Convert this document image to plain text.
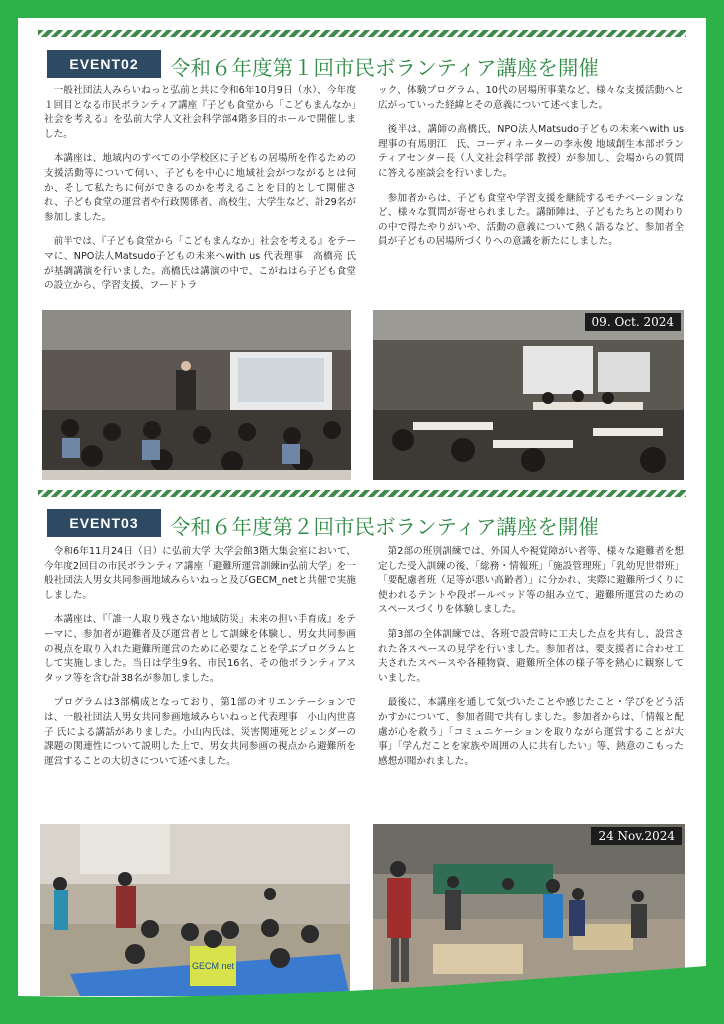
EVENT02	令和６年度第１回市民ボランティア講座を開催

一般社団法人みらいねっと弘前と共に令和6年10月9日（水）、今年度１回目となる市民ボランティア講座『子ども食堂から「こどもまんなか」社会を考える』を弘前大学人文社会科学部4階多目的ホールで開催しました。

本講座は、地域内のすべての小学校区に子どもの居場所を作るための支援活動等について伺い、子どもを中心に地域社会がつながるとは何か、そして私たちに何ができるのかを考えることを目的として開催され、子ども食堂の運営者や行政関係者、高校生、大学生など、計29名が参加しました。

前半では、『子ども食堂から「こどもまんなか」社会を考える』をテーマに、NPO法人Matsudo子どもの未来へwith us 代表理事　高橋亮 氏が基調講演を行いました。高橋氏は講演の中で、こがねはら子ども食堂の設立から、学習支援、フードトラ

ック、体験プログラム、10代の居場所事業など、様々な支援活動へと広がっていった経緯とその意義について述べました。

後半は、講師の高橋氏、NPO法人Matsudo子どもの未来へwith us理事の有馬朋江　氏、コーディネーターの李永俊 地域創生本部ボランティアセンター長（人文社会科学部 教授）が参加し、会場からの質問に答える座談会を行いました。

参加者からは、子ども食堂や学習支援を継続するモチベーションなど、様々な質問が寄せられました。講師陣は、子どもたちとの関わりの中で得たやりがいや、活動の意義について熱く語るなど、参加者全員が子どもの居場所づくりへの意識を新たにしました。

09. Oct. 2024
EVENT03	令和６年度第２回市民ボランティア講座を開催

令和6年11月24日（日）に弘前大学 大学会館3階大集会室において、今年度2回目の市民ボランティア講座「避難所運営訓練in弘前大学」を一般社団法人男女共同参画地域みらいねっと及びGECM_netと共催で実施しました。

本講座は、『「誰一人取り残さない地域防災」未来の担い手育成』をテーマに、参加者が避難者及び運営者として訓練を体験し、男女共同参画の視点を取り入れた避難所運営のために必要なことを学ぶプログラムとして実施しました。当日は学生9名、市民16名、その他ボランティアスタッフ等を含む計38名が参加しました。

プログラムは3部構成となっており、第1部のオリエンテーションでは、一般社団法人男女共同参画地域みらいねっと代表理事　小山内世喜子 氏による講話がありました。小山内氏は、災害関連死とジェンダーの課題の関連性について説明した上で、男女共同参画の視点から避難所を運営することの大切さについて述べました。

第2部の班別訓練では、外国人や視覚障がい者等、様々な避難者を想定した受入訓練の後、「総務・情報班」「施設管理班」「乳幼児世帯班」「要配慮者班（足等が悪い高齢者）」に分かれ、実際に避難所づくりに使われるテントや段ボールベッド等の組み立て、避難所運営のためのスペースづくりを体験しました。

第3部の全体訓練では、各班で設営時に工夫した点を共有し、設営された各スペースの見学を行いました。参加者は、要支援者に合わせ工夫されたスペースや各種物資、避難所全体の様子等を熱心に観察していました。

最後に、本講座を通して気づいたことや感じたこと・学びをどう活かすかについて、参加者間で共有しました。参加者からは、「情報と配慮が心を救う」「コミュニケーションを取りながら運営することが大事」「学んだことを家族や周囲の人に共有したい」等、熱意のこもった感想が聞かれました。

GECM net
24 Nov.2024
